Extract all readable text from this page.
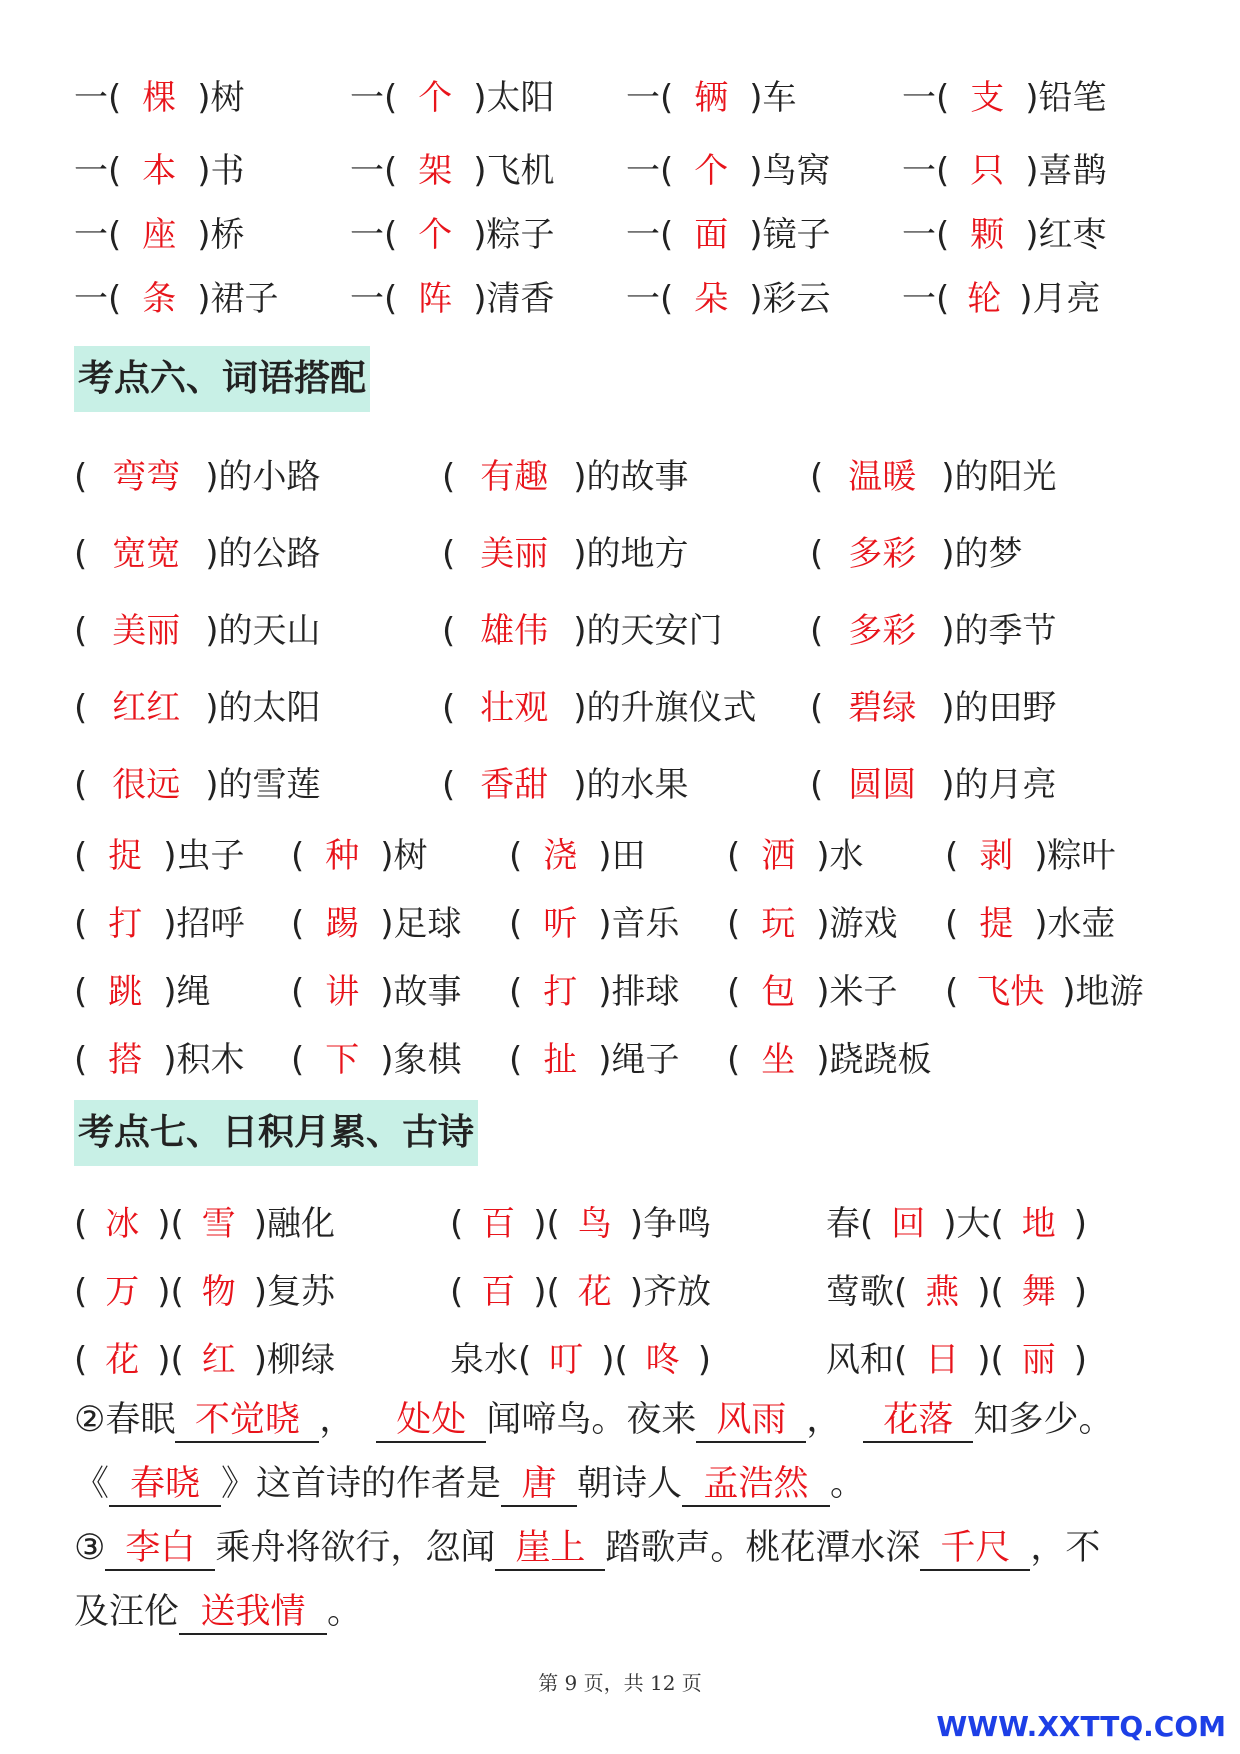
一( 棵 )树	一( 个 )太阳 一( 辆 )车	一( 支 )铅笔
一( 本 )书	一( 架 )飞机 一( 个 )鸟窝 一( 只 )喜鹊
一( 座 )桥	一( 个 )粽子 一( 面 )镜子 一( 颗 )红枣
一( 条 )裙子 一( 阵 )清香 一( 朵 )彩云 一( 轮 )月亮
考点六、词语搭配
( 弯弯 )的小路	( 有趣 )的故事	( 温暖 )的阳光
( 宽宽 )的公路	( 美丽 )的地方	( 多彩 )的梦
( 美丽 )的天山	( 雄伟 )的天安门	( 多彩 )的季节
( 红红 )的太阳	( 壮观 )的升旗仪式 ( 碧绿 )的田野
( 很远 )的雪莲	( 香甜 )的水果	( 圆圆 )的月亮
( 捉 )虫子 ( 种 )树 ( 浇 )田 ( 洒 )水 ( 剥 )粽叶
( 打 )招呼 ( 踢 )足球 ( 听 )音乐 ( 玩 )游戏 ( 提 )水壶
( 跳 )绳 ( 讲 )故事 ( 打 )排球 ( 包 )米子 ( 飞快 )地游
( 搭 )积木 ( 下 )象棋 ( 扯 )绳子 ( 坐 )跷跷板
考点七、日积月累、古诗
( 冰 )( 雪 )融化	( 百 )( 鸟 )争鸣	春( 回 )大( 地 )
( 万 )( 物 )复苏	( 百 )( 花 )齐放	莺歌( 燕 )( 舞 )
( 花 )( 红 )柳绿	泉水( 叮 )( 咚 )	风和( 日 )( 丽 )
②春眠 不觉晓 ， 处处 闻啼鸟。夜来 风雨 ， 花落 知多少。
《 春晓 》这首诗的作者是 唐 朝诗人 孟浩然 。
③ 李白 乘舟将欲行，忽闻 崖上 踏歌声。桃花潭水深 千尺 ，不
及汪伦 送我情 。
第 9 页，共 12 页
WWW.XXTTQ.COM
